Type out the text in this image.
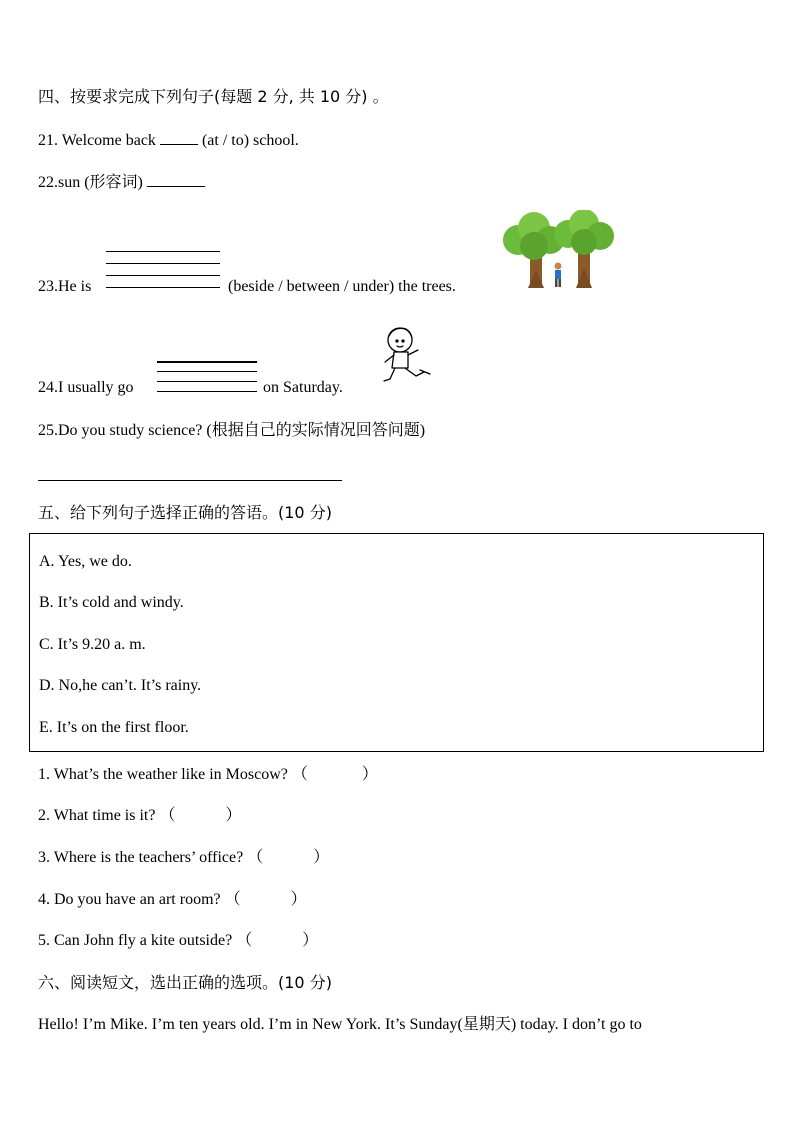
四、按要求完成下列句子(每题 2 分, 共 10 分) 。
21. Welcome back	(at / to) school.
22.sun (形容词)
23.He is	(beside / between / under) the trees.
24.I usually go	on Saturday.
25.Do you study science? (根据自己的实际情况回答问题)
五、给下列句子选择正确的答语。(10 分)
A. Yes, we do.
B. It’s cold and windy.
C. It’s 9.20 a. m.
D. No,he can’t. It’s rainy.
E. It’s on the first floor.
1. What’s the weather like in Moscow? （	）
2. What time is it? （	）
3. Where is the teachers’ office? （	）
4. Do you have an art room? （	）
5. Can John fly a kite outside? （	）
六、阅读短文，选出正确的选项。(10 分)
Hello! I’m Mike. I’m ten years old. I’m in New York. It’s Sunday(星期天) today. I don’t go to
